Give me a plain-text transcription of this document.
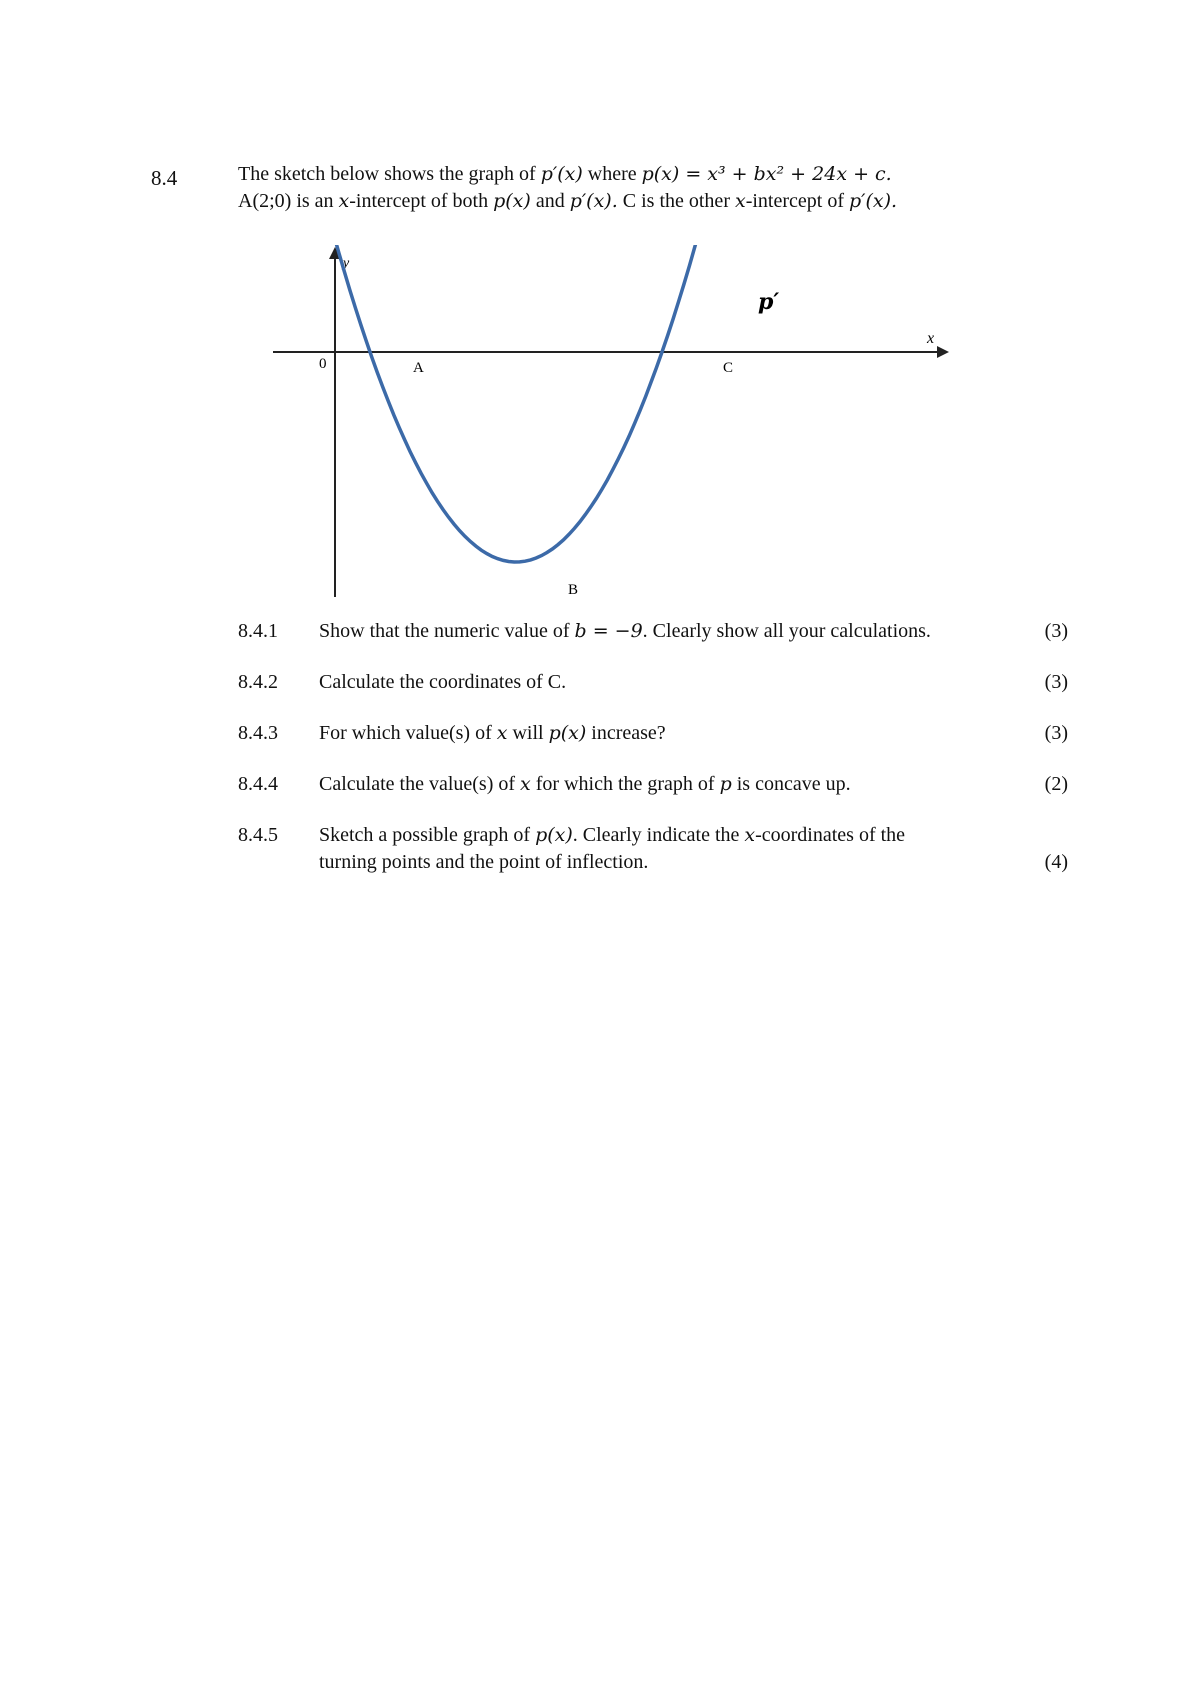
8.4	The sketch below shows the graph of p′(x) where p(x) = x³ + bx² + 24x + c.
A(2;0) is an x-intercept of both p(x) and p′(x). C is the other x-intercept of p′(x).
y
x
0	A
B
C
p′
8.4.1 Show that the numeric value of b = −9. Clearly show all your calculations.	(3)
8.4.2 Calculate the coordinates of C.	(3)
8.4.3 For which value(s) of x will p(x) increase?	(3)
8.4.4 Calculate the value(s) of x for which the graph of p is concave up.	(2)
8.4.5 Sketch a possible graph of p(x). Clearly indicate the x-coordinates of the
turning points and the point of inflection.	(4)
